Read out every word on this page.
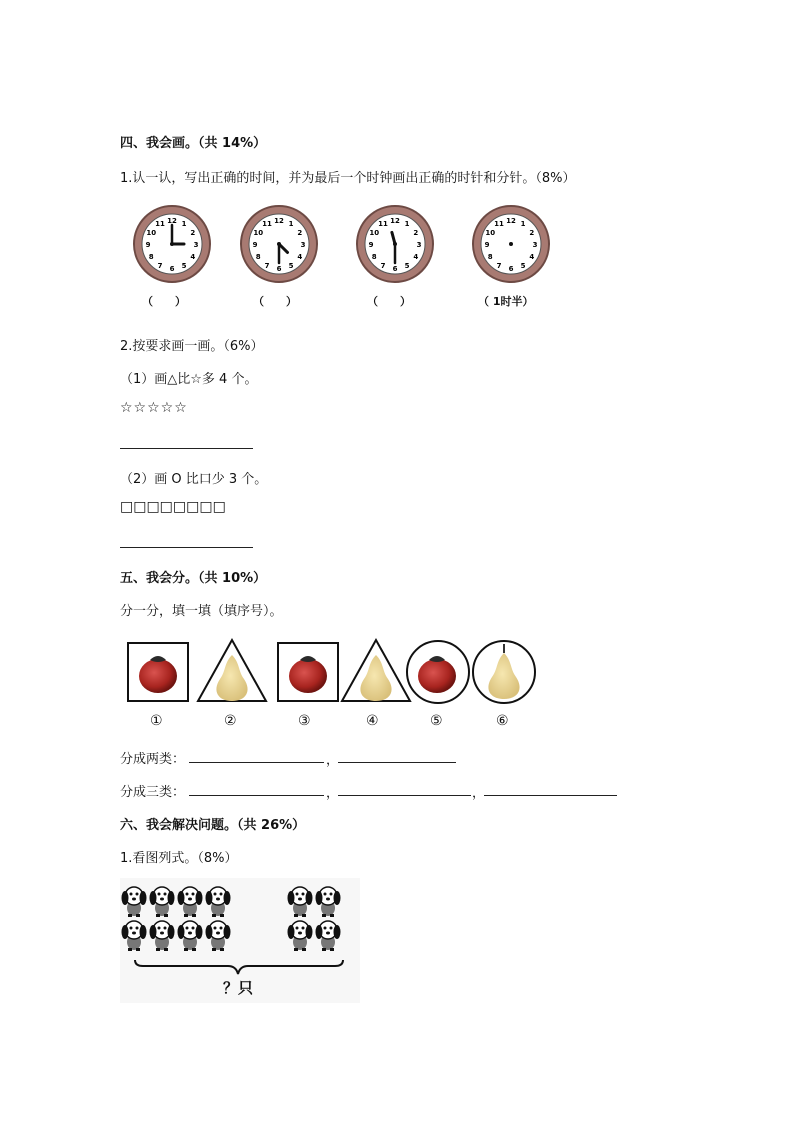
四、我会画。（共 14%）
1.认一认，写出正确的时间，并为最后一个时钟画出正确的时针和分针。（8%）
12 1
2
3
4
5
6
7
8
9
10
11	12 1
2
3
4
5
6
7
8
9
10
11	12 1
2
3
4
5
6
7
8
9
10
11	12 1
2
3
4
5
6
7
8
9
10
11
（　　）	（　　）	（　　）	（ 1时半）
2.按要求画一画。（6%）
（1）画△比☆多 4 个。
☆☆☆☆☆
（2）画 O 比口少 3 个。
□□□□□□□□
五、我会分。（共 10%）
分一分，填一填（填序号）。
①	②	③	④	⑤	⑥
分成两类：	，
分成三类：	，	，
六、我会解决问题。（共 26%）
1.看图列式。（8%）
？只
